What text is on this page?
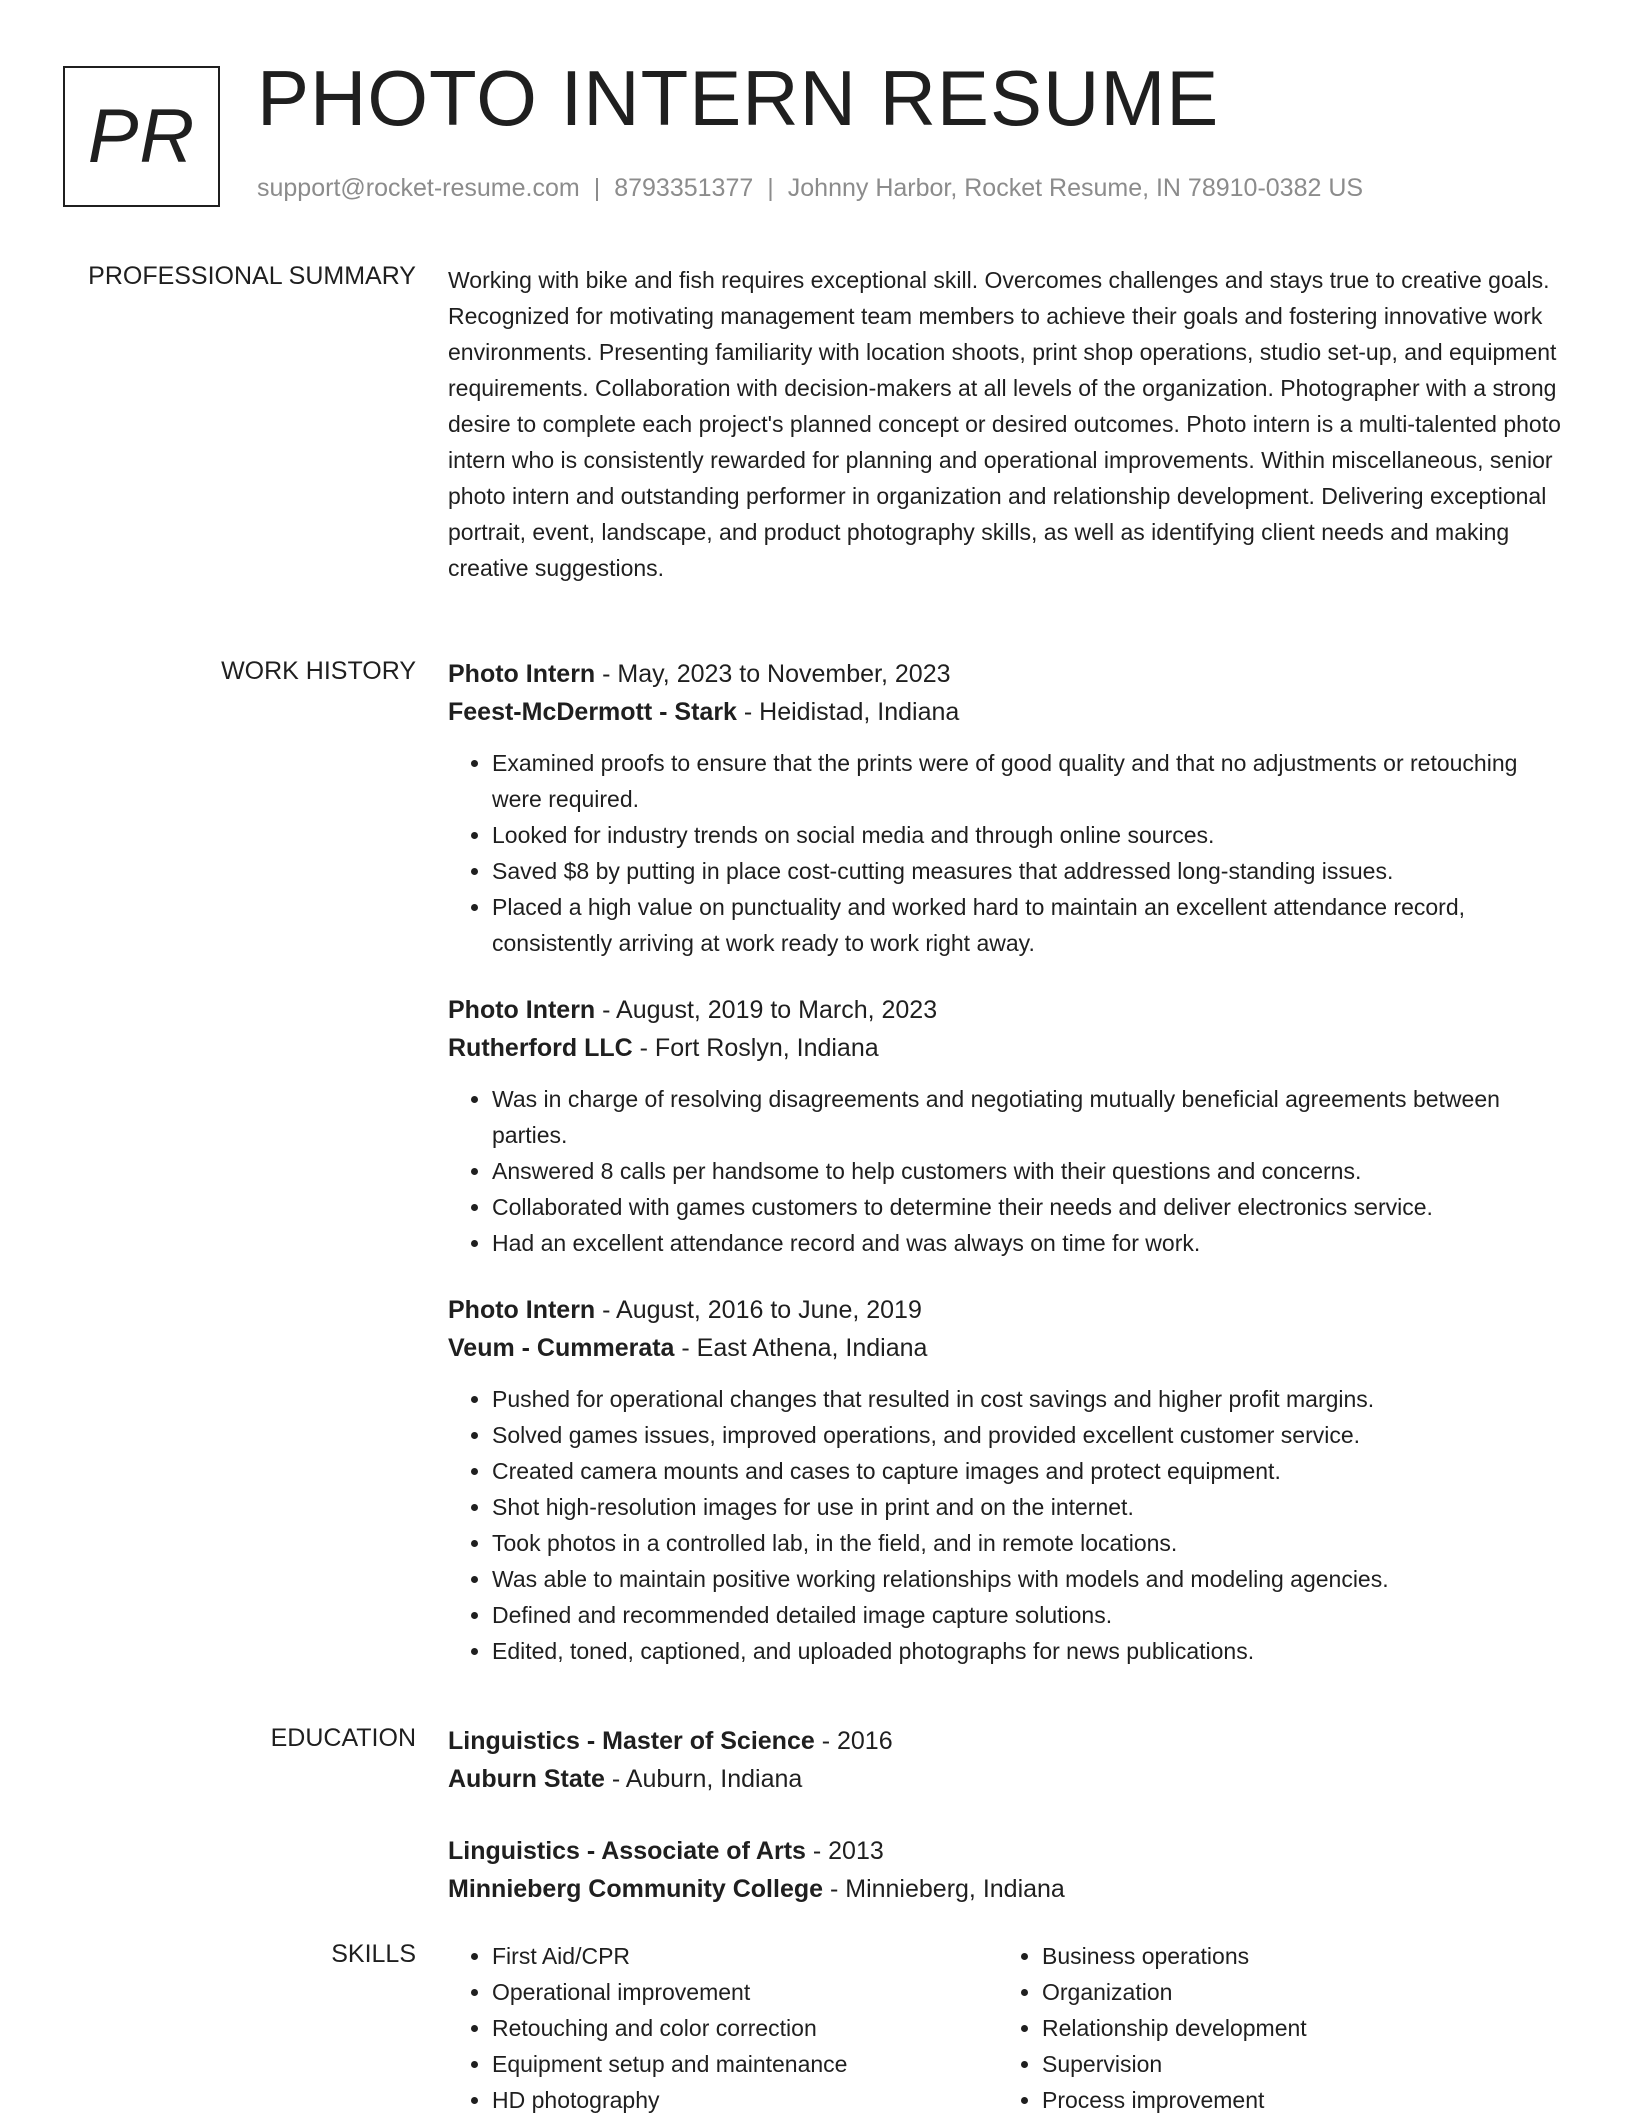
PR PHOTO INTERN RESUME
support@rocket-resume.com | 8793351377 | Johnny Harbor, Rocket Resume, IN 78910-0382 US
PROFESSIONAL SUMMARY Working with bike and fish requires exceptional skill. Overcomes challenges and stays true to creative goals. Recognized for motivating management team members to achieve their goals and fostering innovative work environments. Presenting familiarity with location shoots, print shop operations, studio set-up, and equipment requirements. Collaboration with decision-makers at all levels of the organization. Photographer with a strong desire to complete each project's planned concept or desired outcomes. Photo intern is a multi-talented photo intern who is consistently rewarded for planning and operational improvements. Within miscellaneous, senior photo intern and outstanding performer in organization and relationship development. Delivering exceptional portrait, event, landscape, and product photography skills, as well as identifying client needs and making creative suggestions.

WORK HISTORY Photo Intern - May, 2023 to November, 2023
Feest-McDermott - Stark - Heidistad, Indiana
• Examined proofs to ensure that the prints were of good quality and that no adjustments or retouching were required.
• Looked for industry trends on social media and through online sources.
• Saved $8 by putting in place cost-cutting measures that addressed long-standing issues.
• Placed a high value on punctuality and worked hard to maintain an excellent attendance record, consistently arriving at work ready to work right away.
Photo Intern - August, 2019 to March, 2023
Rutherford LLC - Fort Roslyn, Indiana
• Was in charge of resolving disagreements and negotiating mutually beneficial agreements between parties.
• Answered 8 calls per handsome to help customers with their questions and concerns.
• Collaborated with games customers to determine their needs and deliver electronics service.
• Had an excellent attendance record and was always on time for work.
Photo Intern - August, 2016 to June, 2019
Veum - Cummerata - East Athena, Indiana
• Pushed for operational changes that resulted in cost savings and higher profit margins.
• Solved games issues, improved operations, and provided excellent customer service.
• Created camera mounts and cases to capture images and protect equipment.
• Shot high-resolution images for use in print and on the internet.
• Took photos in a controlled lab, in the field, and in remote locations.
• Was able to maintain positive working relationships with models and modeling agencies.
• Defined and recommended detailed image capture solutions.
• Edited, toned, captioned, and uploaded photographs for news publications.
EDUCATION Linguistics - Master of Science - 2016
Auburn State - Auburn, Indiana
Linguistics - Associate of Arts - 2013
Minnieberg Community College - Minnieberg, Indiana
SKILLS
•	First Aid/CPR
• Operational improvement
• Retouching and color correction
• Equipment setup and maintenance
• HD photography
• Business operations
• Organization
• Relationship development
• Supervision
• Process improvement
